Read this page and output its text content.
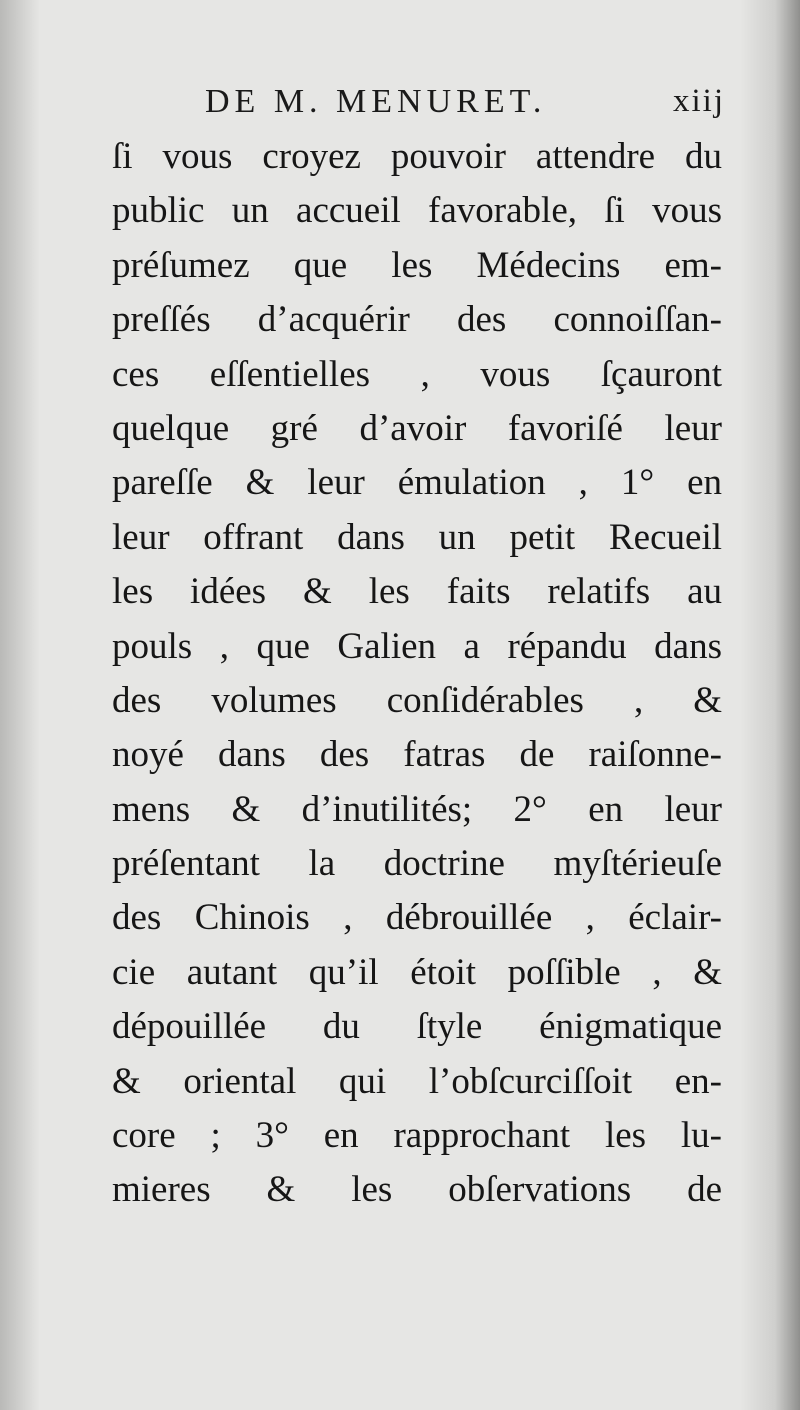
DE M. MENURET.	xiij
ſi vous croyez pouvoir attendre du
public un accueil favorable, ſi vous
préſumez que les Médecins em-
preſſés d’acquérir des connoiſſan-
ces eſſentielles , vous ſçauront
quelque gré d’avoir favoriſé leur
pareſſe & leur émulation , 1° en
leur offrant dans un petit Recueil
les idées & les faits relatifs au
pouls , que Galien a répandu dans
des volumes conſidérables , &
noyé dans des fatras de raiſonne-
mens & d’inutilités; 2° en leur
préſentant la doctrine myſtérieuſe
des Chinois , débrouillée , éclair-
cie autant qu’il étoit poſſible , &
dépouillée du ſtyle énigmatique
& oriental qui l’obſcurciſſoit en-
core ; 3° en rapprochant les lu-
mieres & les obſervations de
